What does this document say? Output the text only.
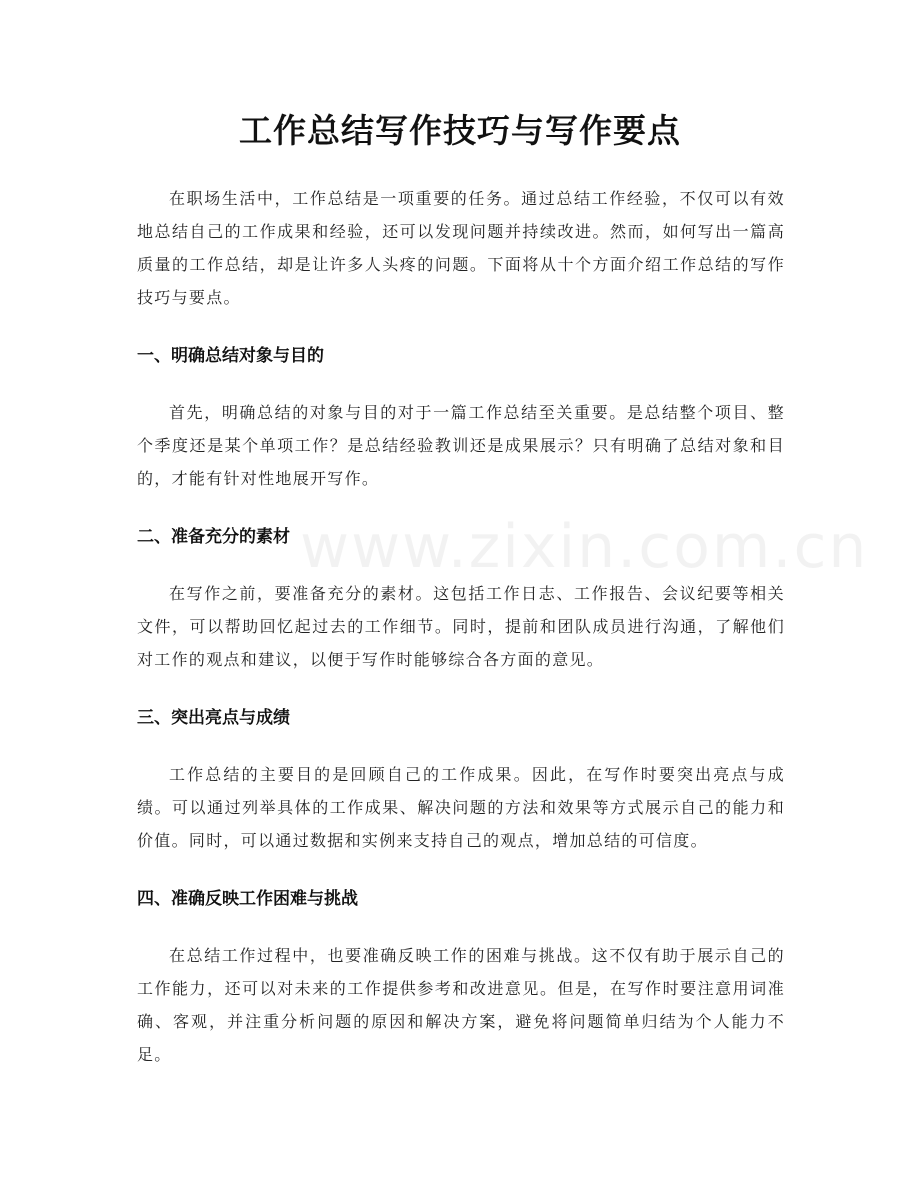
工作总结写作技巧与写作要点

在职场生活中，工作总结是一项重要的任务。通过总结工作经验，不仅可以有效地总结自己的工作成果和经验，还可以发现问题并持续改进。然而，如何写出一篇高质量的工作总结，却是让许多人头疼的问题。下面将从十个方面介绍工作总结的写作技巧与要点。

一、明确总结对象与目的

首先，明确总结的对象与目的对于一篇工作总结至关重要。是总结整个项目、整个季度还是某个单项工作？是总结经验教训还是成果展示？只有明确了总结对象和目的，才能有针对性地展开写作。

二、准备充分的素材

在写作之前，要准备充分的素材。这包括工作日志、工作报告、会议纪要等相关文件，可以帮助回忆起过去的工作细节。同时，提前和团队成员进行沟通，了解他们对工作的观点和建议，以便于写作时能够综合各方面的意见。

三、突出亮点与成绩

工作总结的主要目的是回顾自己的工作成果。因此，在写作时要突出亮点与成绩。可以通过列举具体的工作成果、解决问题的方法和效果等方式展示自己的能力和价值。同时，可以通过数据和实例来支持自己的观点，增加总结的可信度。

四、准确反映工作困难与挑战

在总结工作过程中，也要准确反映工作的困难与挑战。这不仅有助于展示自己的工作能力，还可以对未来的工作提供参考和改进意见。但是，在写作时要注意用词准确、客观，并注重分析问题的原因和解决方案，避免将问题简单归结为个人能力不足。

www.zixin.com.cn
